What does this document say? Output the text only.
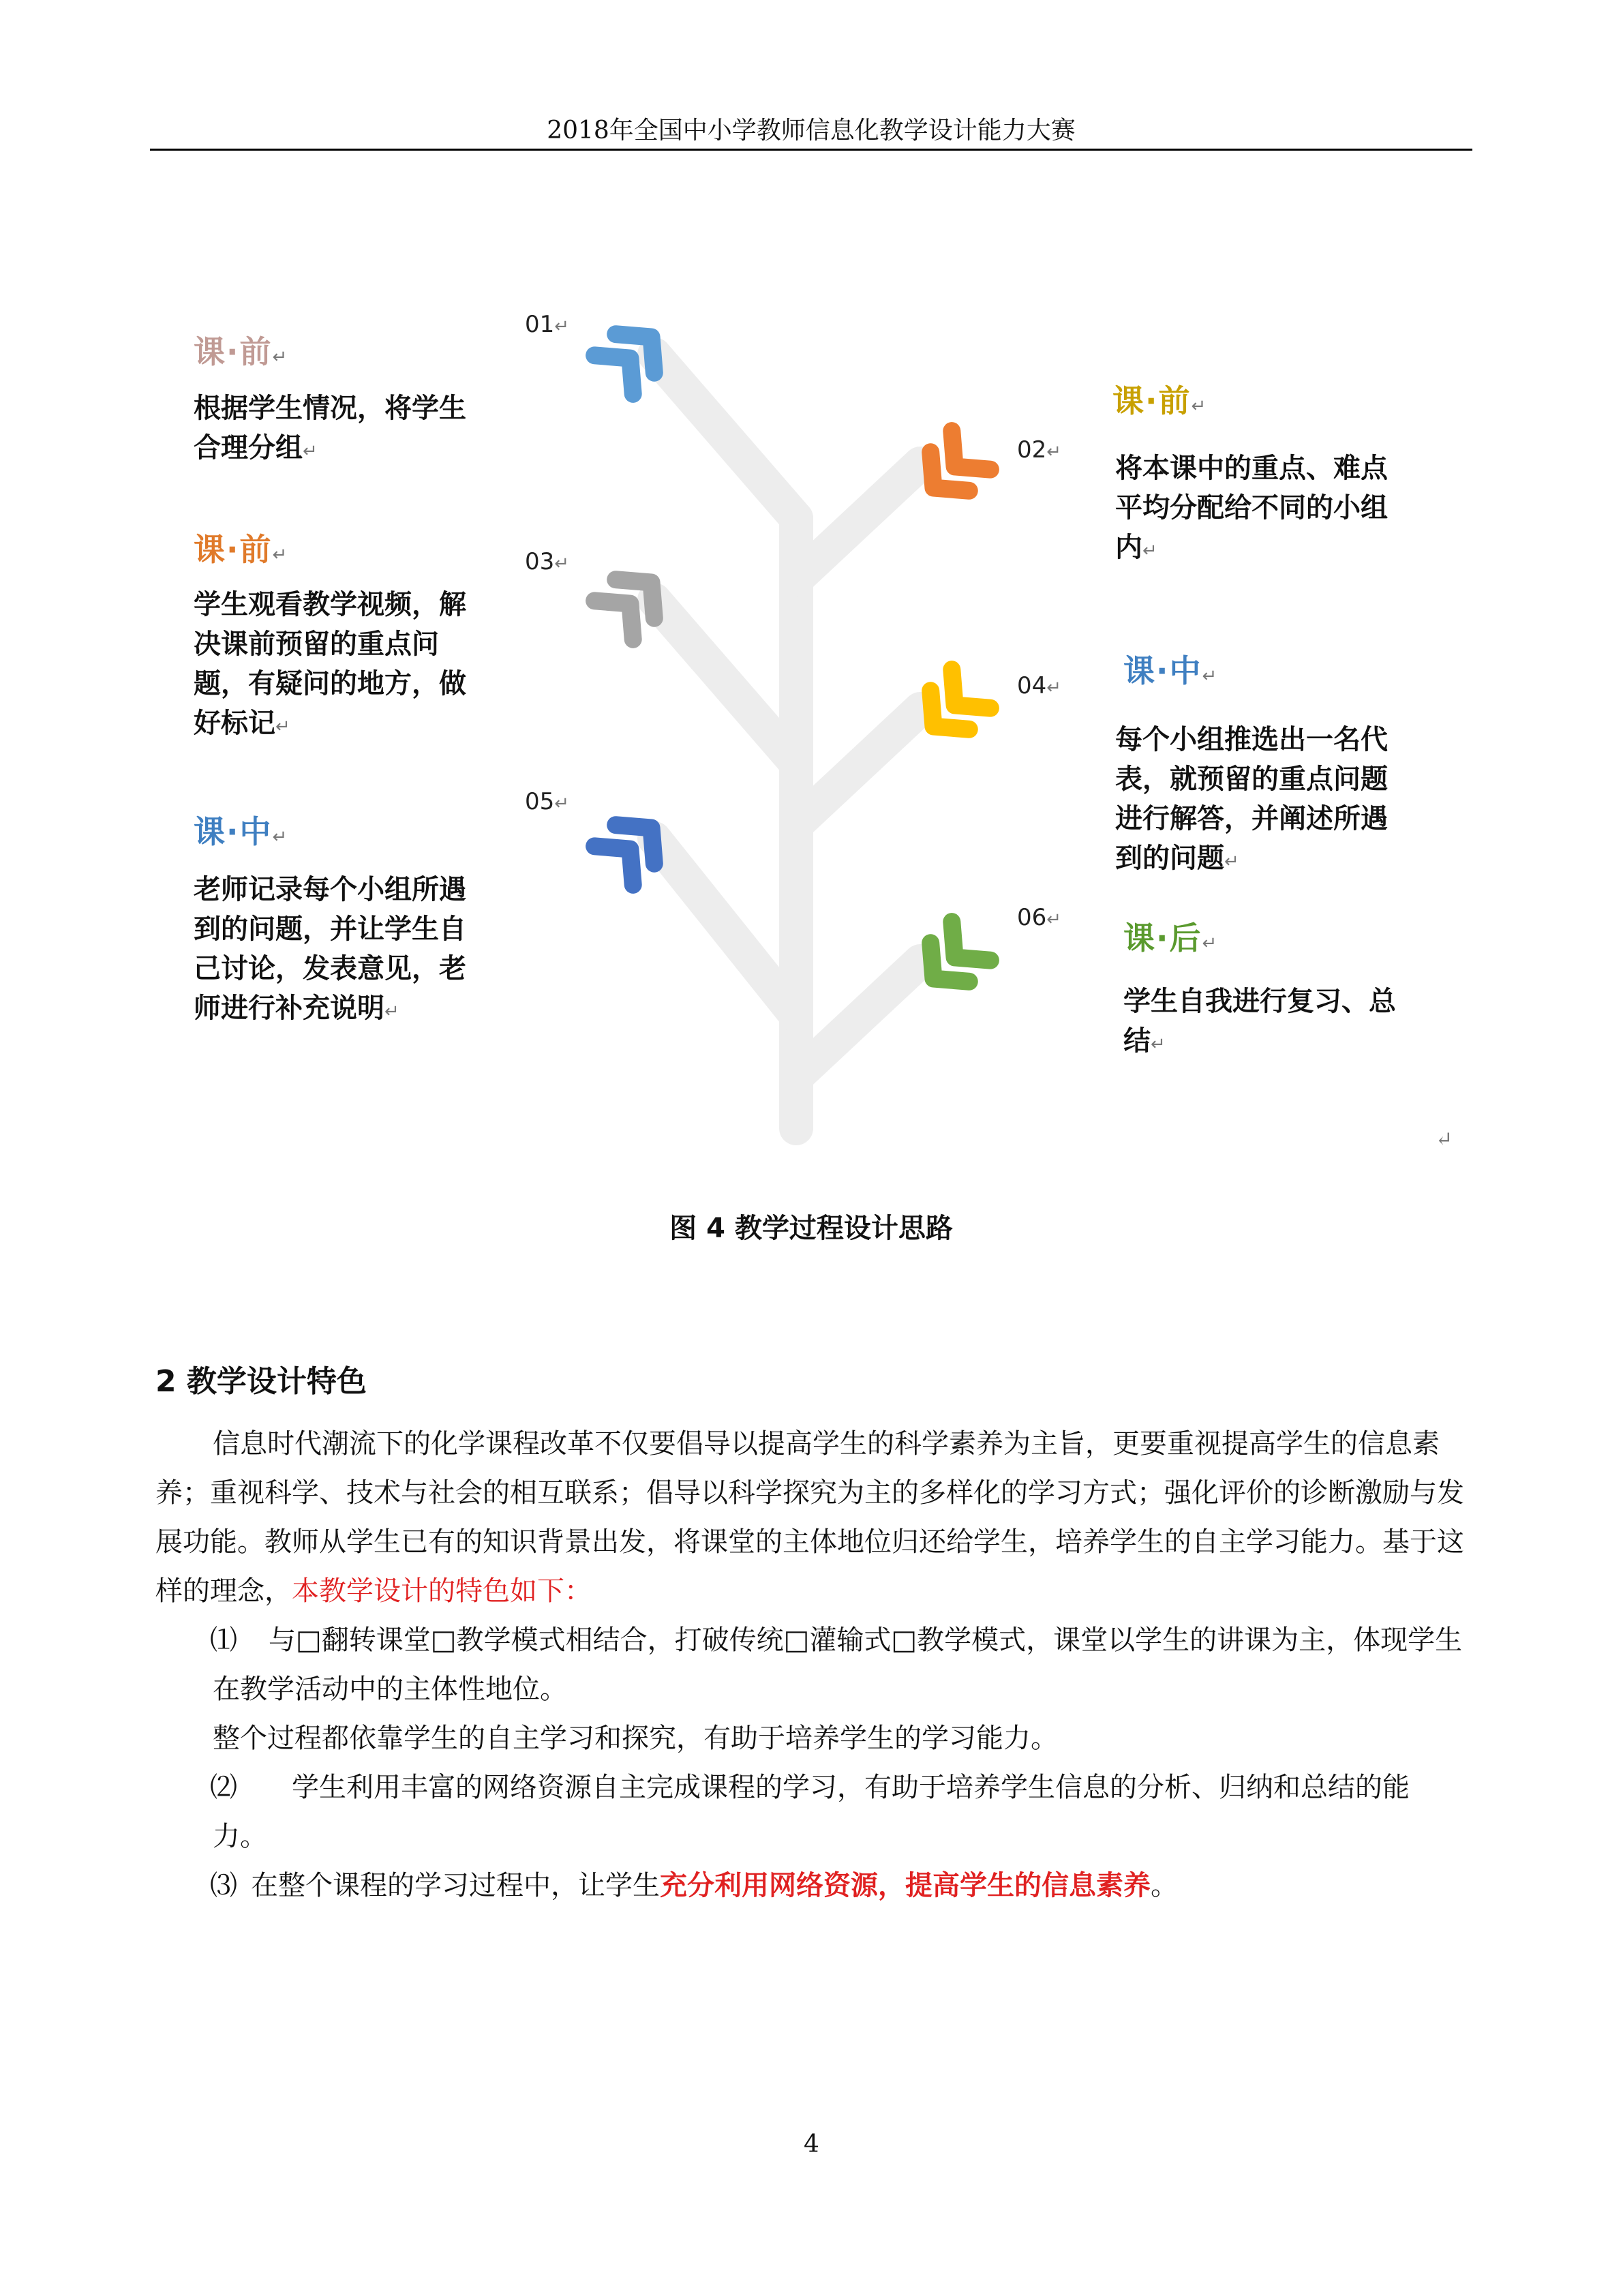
2018年全国中小学教师信息化教学设计能力大赛
01↵
课·前↵
根据学生情况，将学生
合理分组↵	02↵
课·前↵
将本课中的重点、难点
平均分配给不同的小组
内↵
03↵
课·前↵
学生观看教学视频，解
决课前预留的重点问
题，有疑问的地方，做
好标记↵
04↵ 课·中↵
每个小组推选出一名代
表，就预留的重点问题
进行解答，并阐述所遇
到的问题↵
05↵
课·中↵
老师记录每个小组所遇
到的问题，并让学生自
己讨论，发表意见，老
师进行补充说明↵
06↵ 课·后↵
学生自我进行复习、总
结↵
↵
图 4 教学过程设计思路
2 教学设计特色
信息时代潮流下的化学课程改革不仅要倡导以提高学生的科学素养为主旨，更要重视提高学生的信息素养；重视科学、技术与社会的相互联系；倡导以科学探究为主的多样化的学习方式；强化评价的诊断激励与发展功能。教师从学生已有的知识背景出发，将课堂的主体地位归还给学生，培养学生的自主学习能力。基于这样的理念，本教学设计的特色如下：
⑴ 与□翻转课堂□教学模式相结合，打破传统□灌输式□教学模式，课堂以学生的讲课为主，体现学生
在教学活动中的主体性地位。
整个过程都依靠学生的自主学习和探究，有助于培养学生的学习能力。
⑵ 学生利用丰富的网络资源自主完成课程的学习，有助于培养学生信息的分析、归纳和总结的能
力。
⑶ 在整个课程的学习过程中，让学生充分利用网络资源，提高学生的信息素养。
4
